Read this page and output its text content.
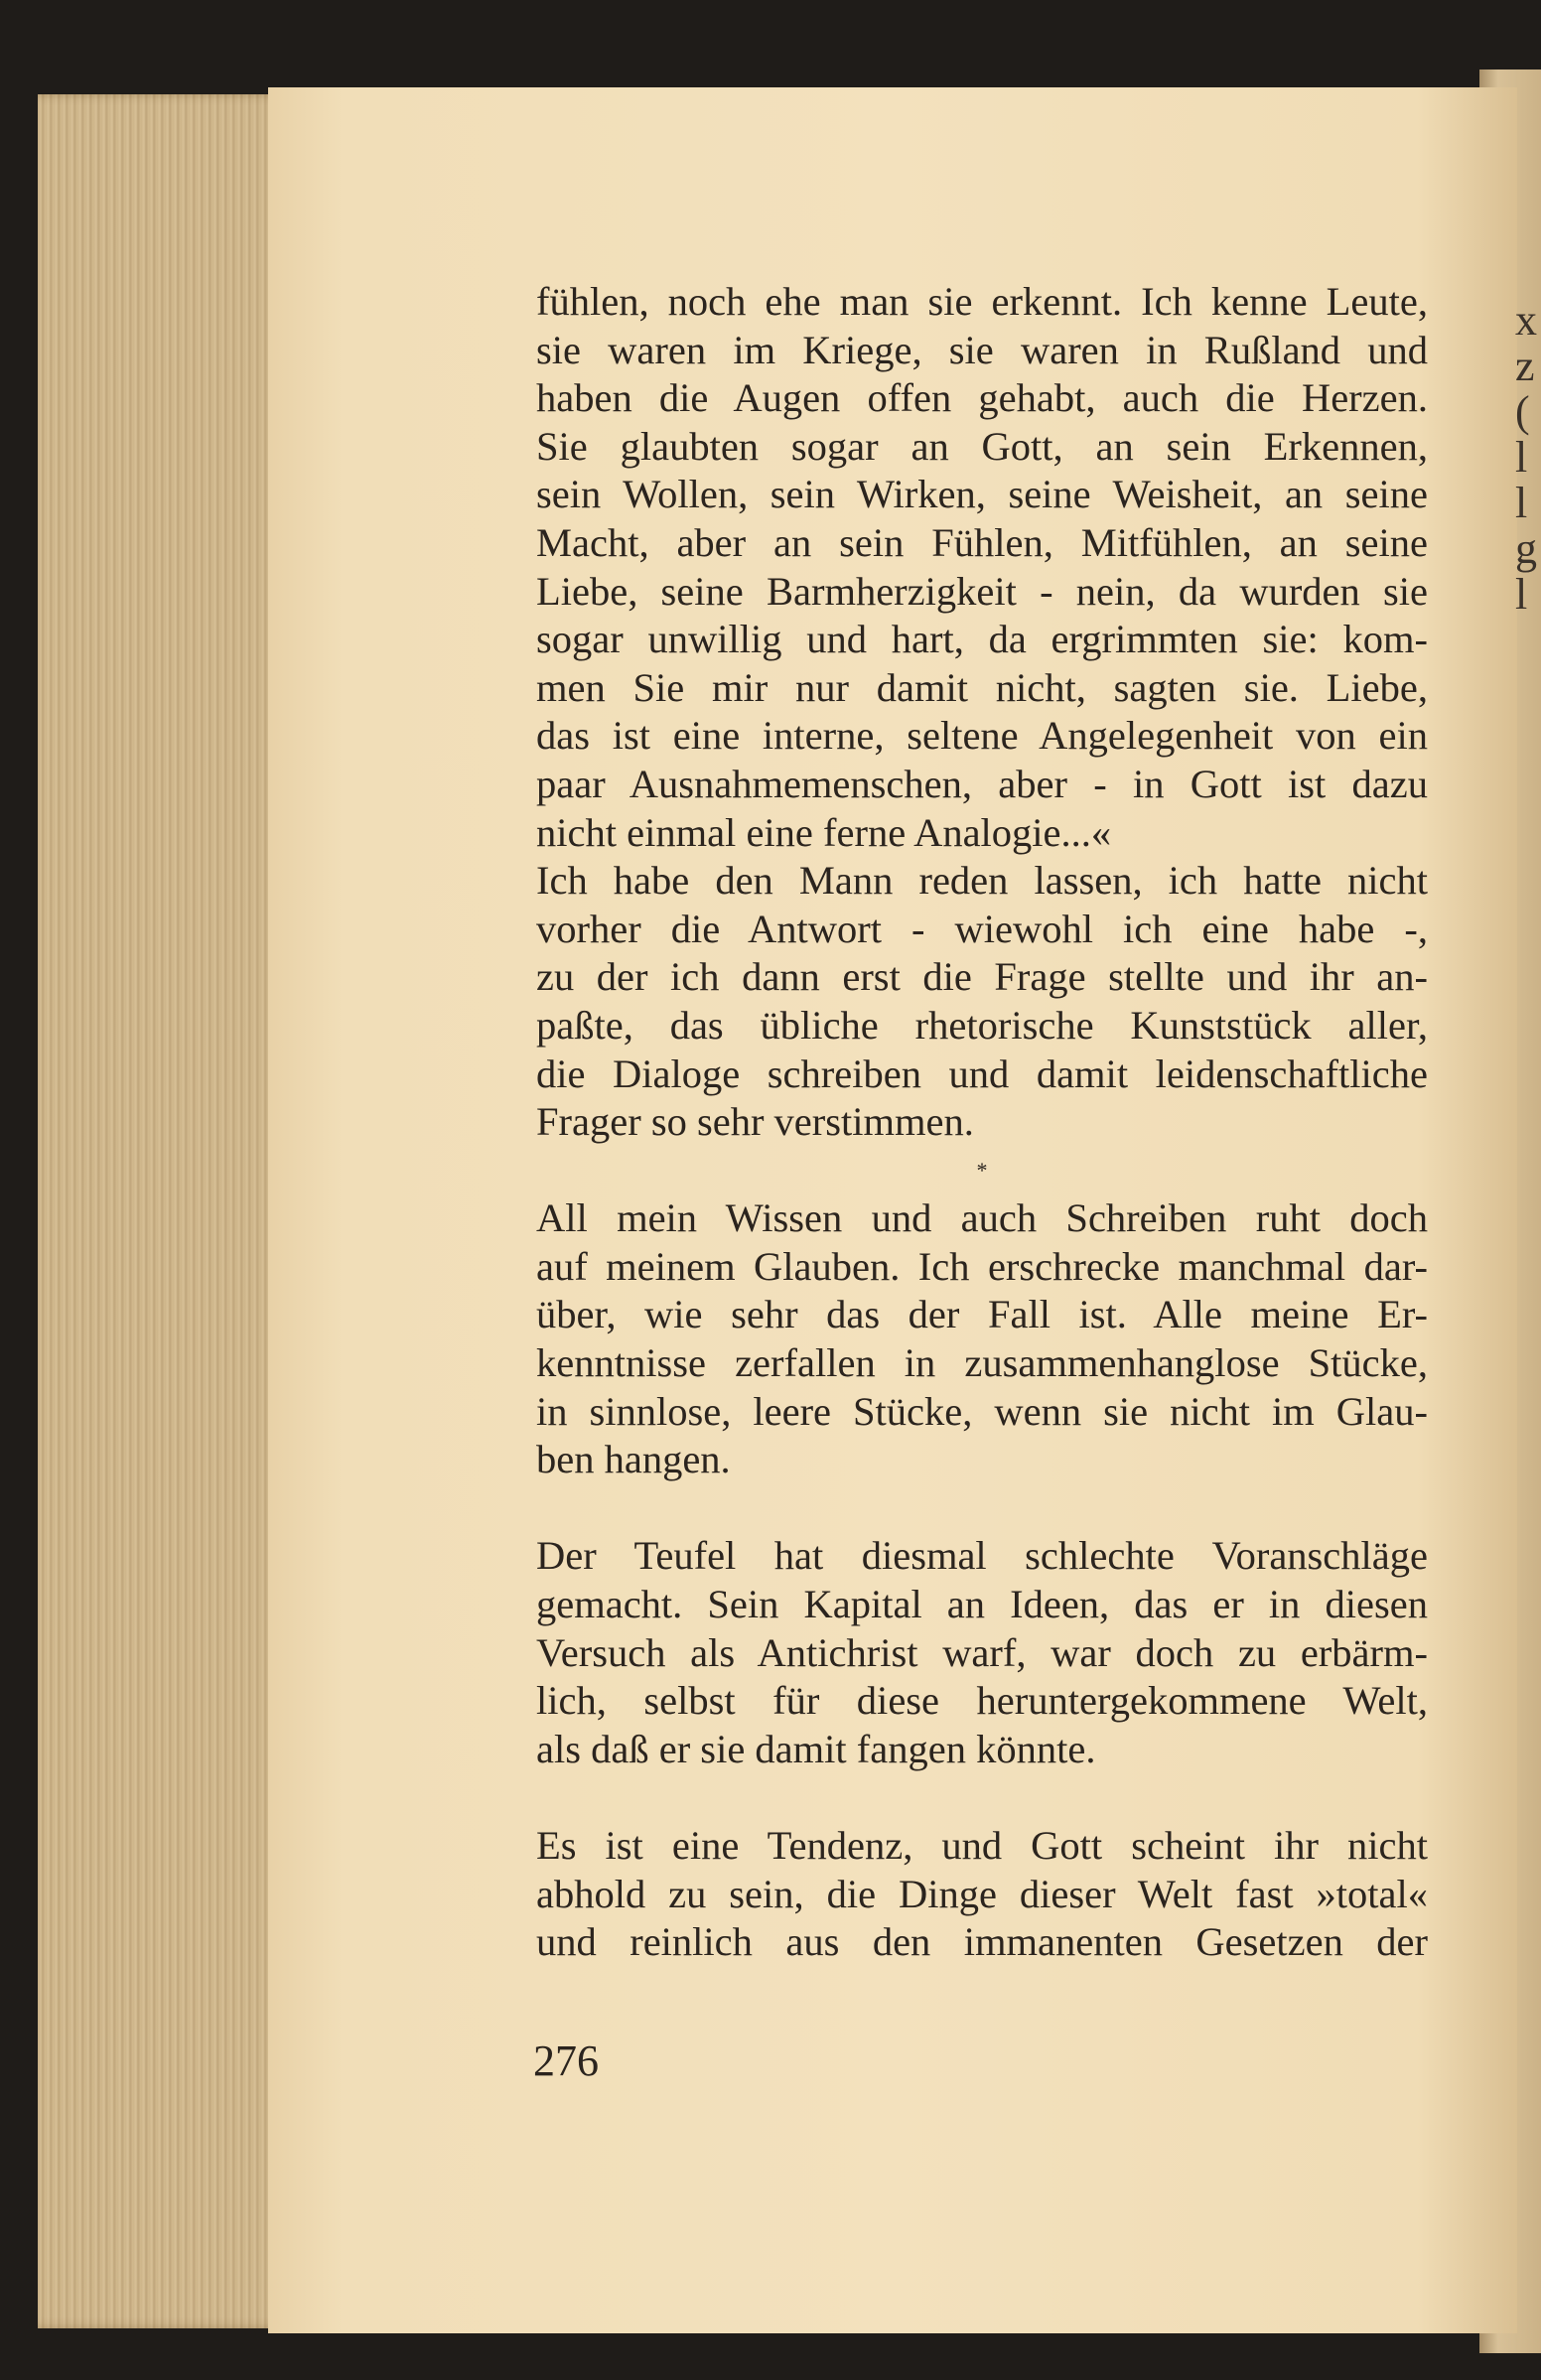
x
z
(
l
l
g
l
fühlen, noch ehe man sie erkennt. Ich kenne Leute,
sie waren im Kriege, sie waren in Rußland und
haben die Augen offen gehabt, auch die Herzen.
Sie glaubten sogar an Gott, an sein Erkennen,
sein Wollen, sein Wirken, seine Weisheit, an seine
Macht, aber an sein Fühlen, Mitfühlen, an seine
Liebe, seine Barmherzigkeit - nein, da wurden sie
sogar unwillig und hart, da ergrimmten sie: kom-
men Sie mir nur damit nicht, sagten sie. Liebe,
das ist eine interne, seltene Angelegenheit von ein
paar Ausnahmemenschen, aber - in Gott ist dazu
nicht einmal eine ferne Analogie...«
Ich habe den Mann reden lassen, ich hatte nicht
vorher die Antwort - wiewohl ich eine habe -,
zu der ich dann erst die Frage stellte und ihr an-
paßte, das übliche rhetorische Kunststück aller,
die Dialoge schreiben und damit leidenschaftliche
Frager so sehr verstimmen.
*
All mein Wissen und auch Schreiben ruht doch
auf meinem Glauben. Ich erschrecke manchmal dar-
über, wie sehr das der Fall ist. Alle meine Er-
kenntnisse zerfallen in zusammenhanglose Stücke,
in sinnlose, leere Stücke, wenn sie nicht im Glau-
ben hangen.
Der Teufel hat diesmal schlechte Voranschläge
gemacht. Sein Kapital an Ideen, das er in diesen
Versuch als Antichrist warf, war doch zu erbärm-
lich, selbst für diese heruntergekommene Welt,
als daß er sie damit fangen könnte.
Es ist eine Tendenz, und Gott scheint ihr nicht
abhold zu sein, die Dinge dieser Welt fast »total«
und reinlich aus den immanenten Gesetzen der
276
